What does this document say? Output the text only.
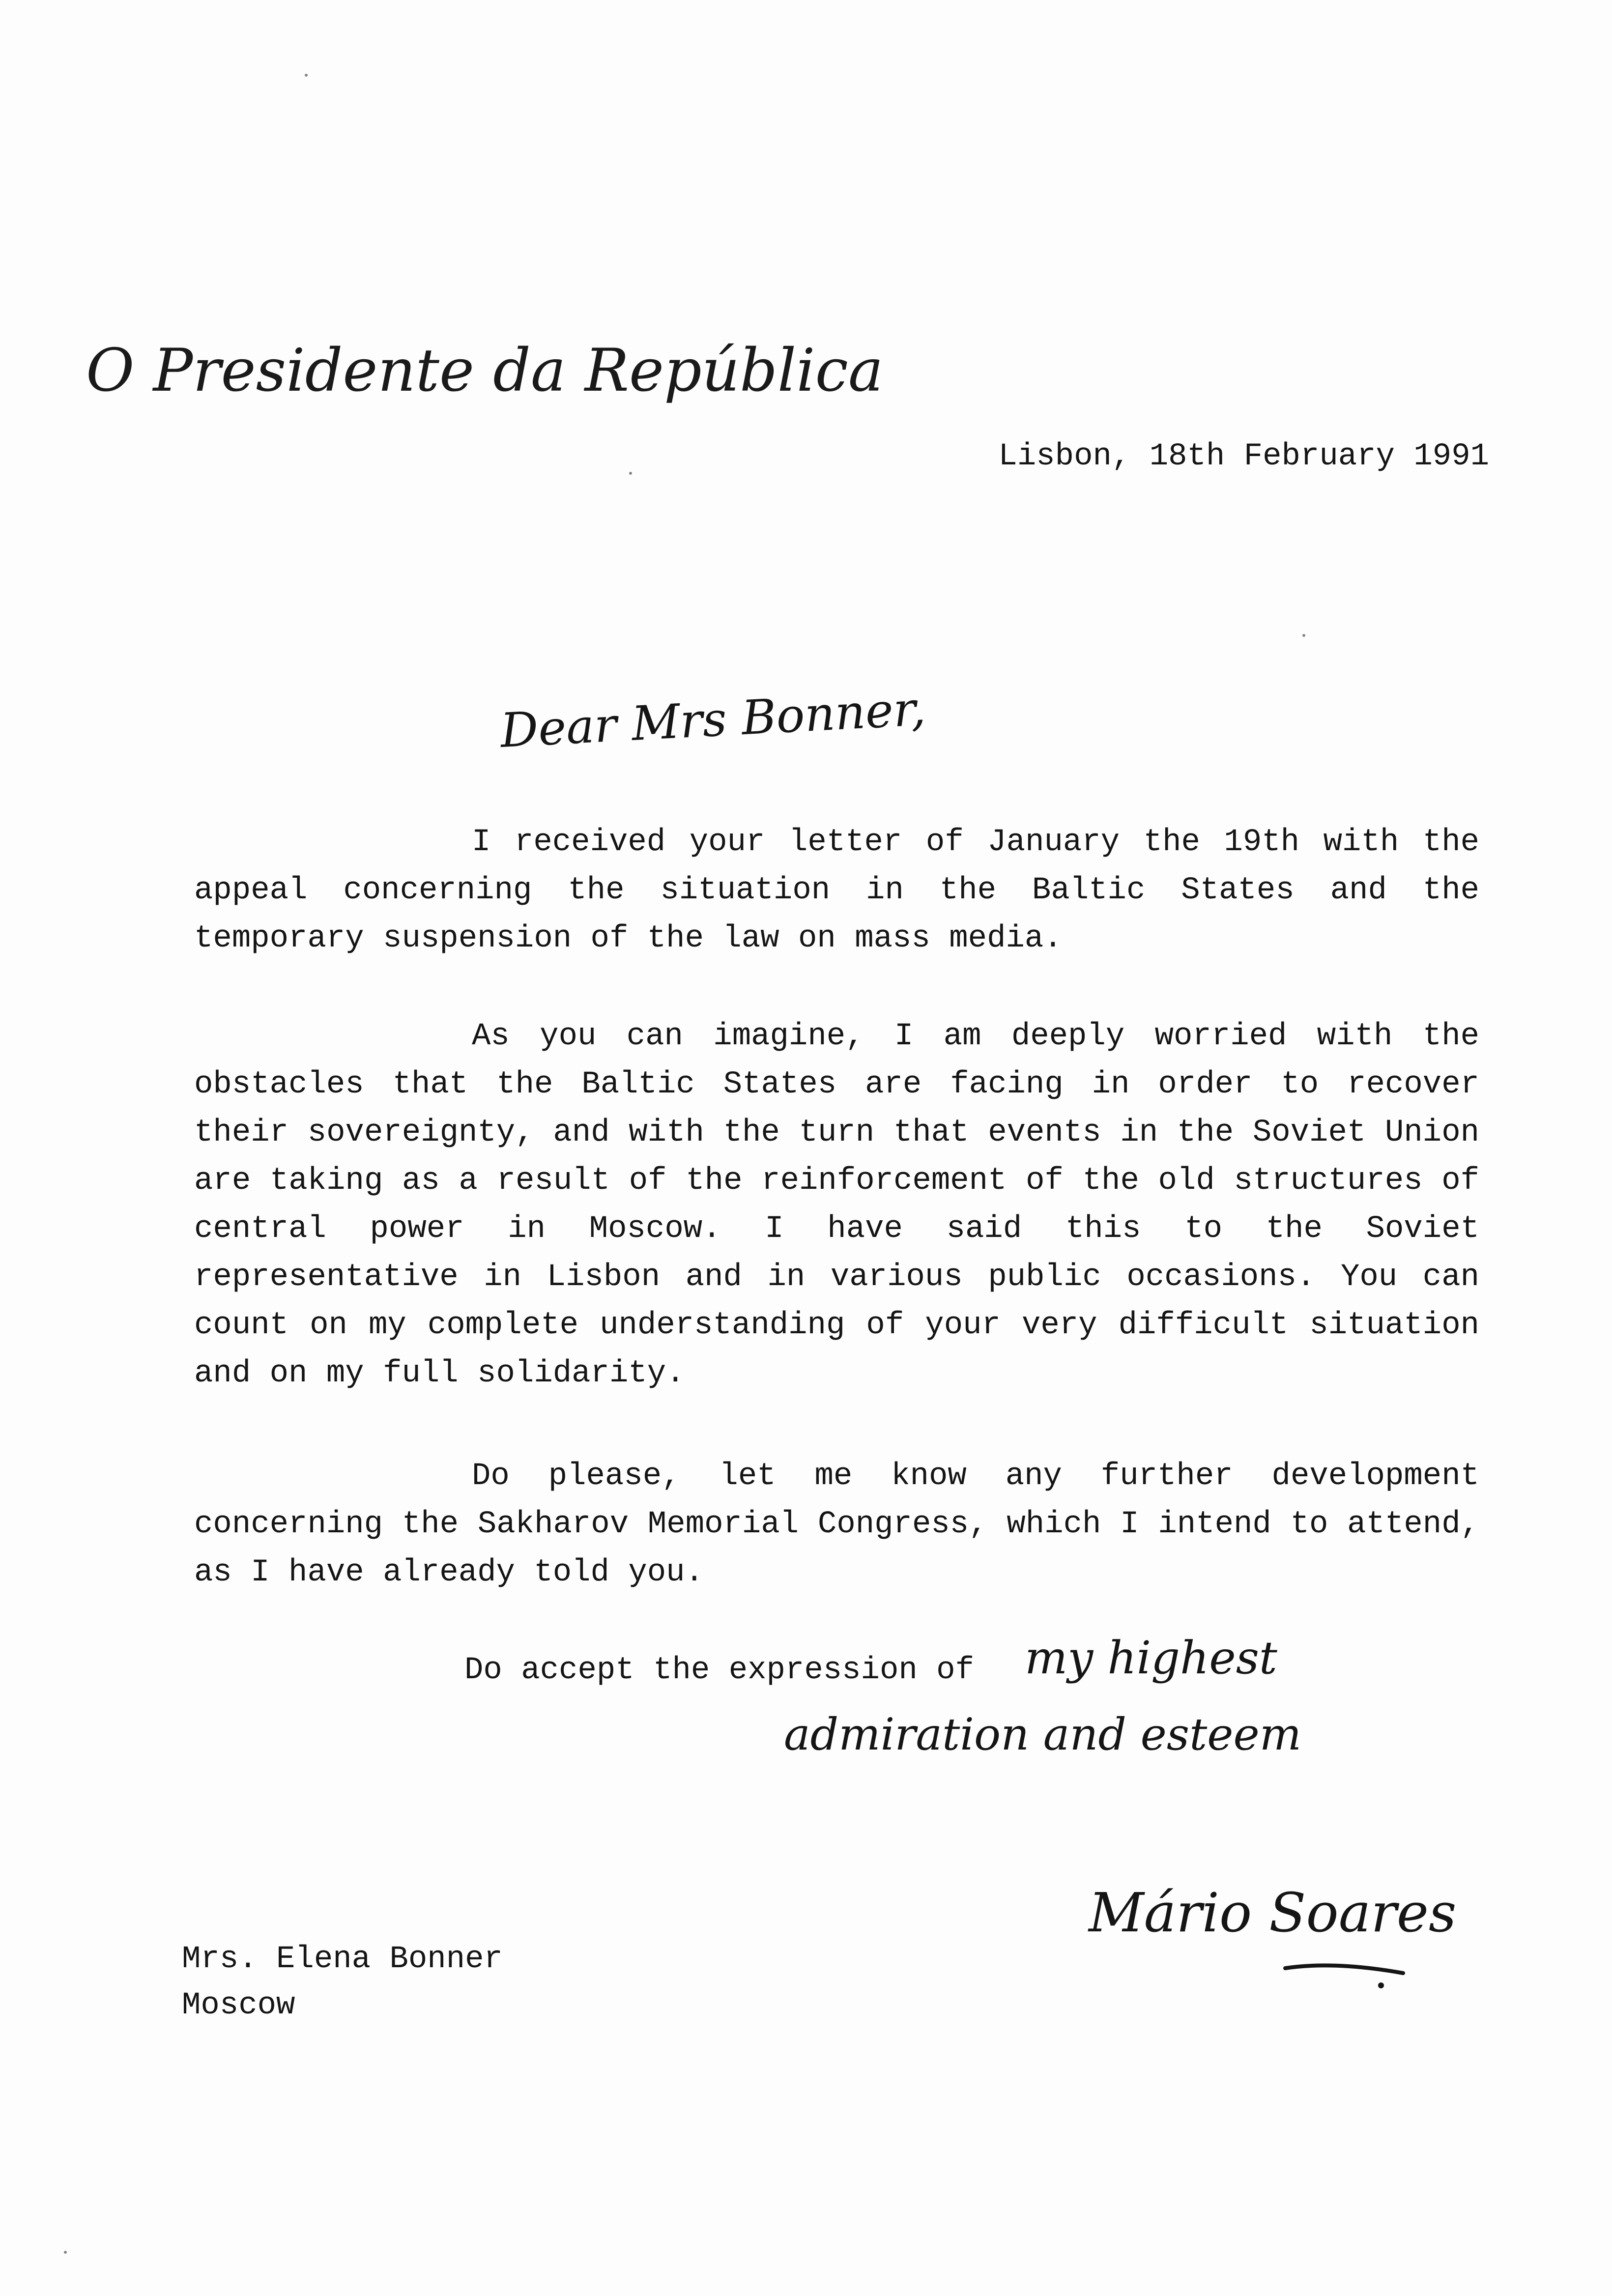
O Presidente da República
Lisbon, 18th February 1991
Dear Mrs Bonner,
I received your letter of January the 19th with the appeal concerning the situation in the Baltic States and the temporary suspension of the law on mass media.
As you can imagine, I am deeply worried with the obstacles that the Baltic States are facing in order to recover their sovereignty, and with the turn that events in the Soviet Union are taking as a result of the reinforcement of the old structures of central power in Moscow. I have said this to the Soviet representative in Lisbon and in various public occasions. You can count on my complete understanding of your very difficult situation and on my full solidarity.
Do please, let me know any further development concerning the Sakharov Memorial Congress, which I intend to attend, as I have already told you.
Do accept the expression of my highest
admiration and esteem
Mário Soares
Mrs. Elena Bonner
Moscow
